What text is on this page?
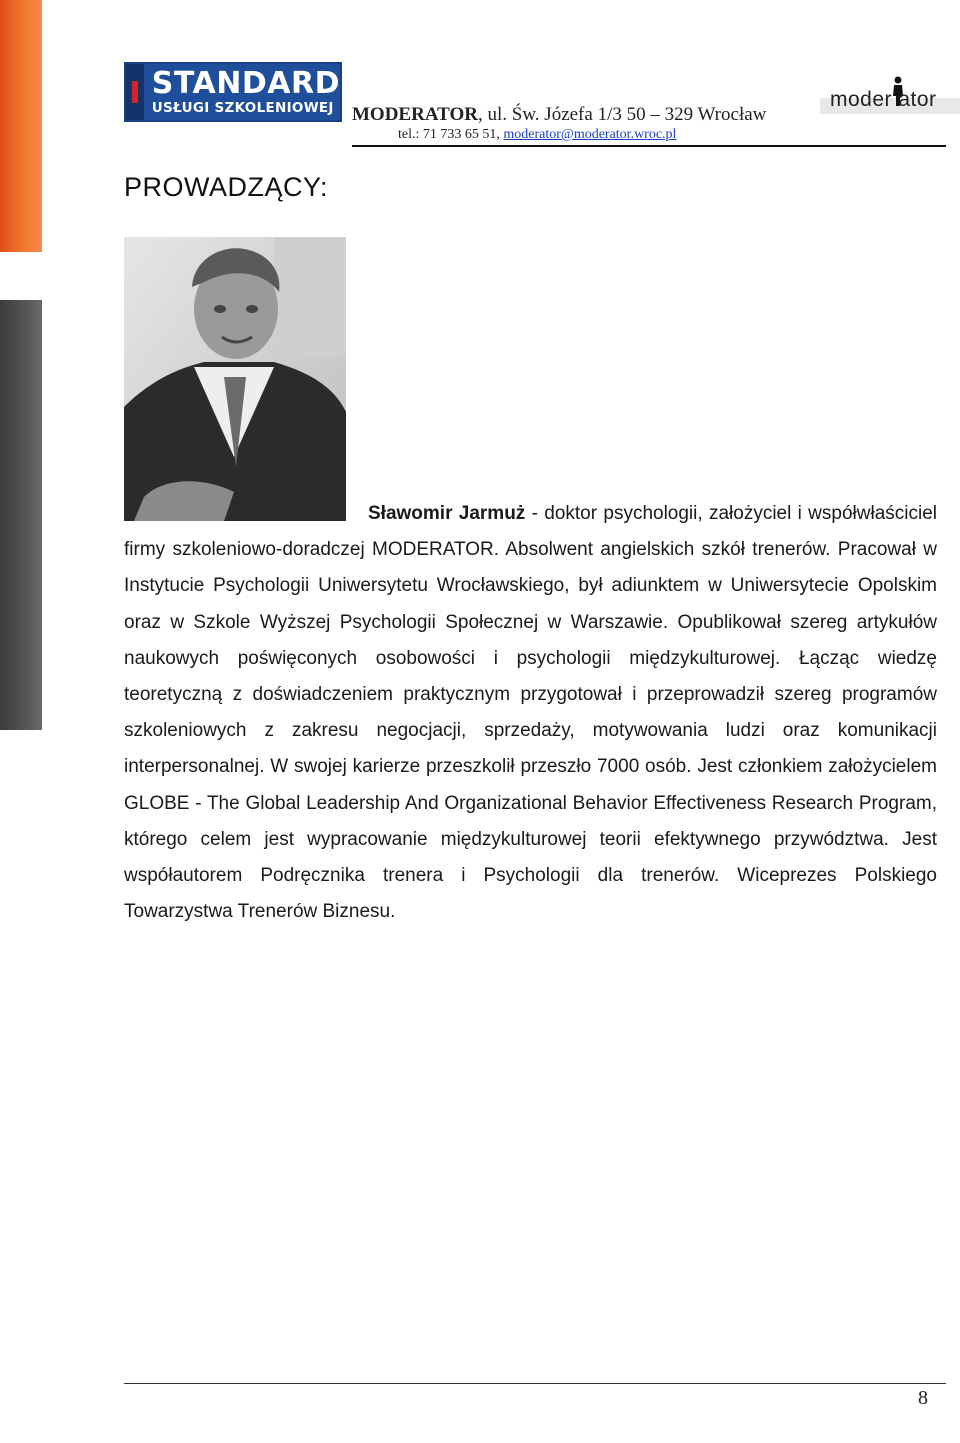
STANDARD
USŁUGI SZKOLENIOWEJ MODERATOR, ul. Św. Józefa 1/3 50 – 329 Wrocław
tel.: 71 733 65 51, moderator@moderator.wroc.pl
moder ator
PROWADZĄCY:
Sławomir Jarmuż - doktor psychologii, założyciel i współwłaściciel firmy szkoleniowo-doradczej MODERATOR. Absolwent angielskich szkół trenerów. Pracował w Instytucie Psychologii Uniwersytetu Wrocławskiego, był adiunktem w Uniwersytecie Opolskim oraz w Szkole Wyższej Psychologii Społecznej w Warszawie. Opublikował szereg artykułów naukowych poświęconych osobowości i psychologii międzykulturowej. Łącząc wiedzę teoretyczną z doświadczeniem praktycznym przygotował i przeprowadził szereg programów szkoleniowych z zakresu negocjacji, sprzedaży, motywowania ludzi oraz komunikacji interpersonalnej. W swojej karierze przeszkolił przeszło 7000 osób. Jest członkiem założycielem GLOBE - The Global Leadership And Organizational Behavior Effectiveness Research Program, którego celem jest wypracowanie międzykulturowej teorii efektywnego przywództwa. Jest współautorem Podręcznika trenera i Psychologii dla trenerów. Wiceprezes Polskiego Towarzystwa Trenerów Biznesu.
8
